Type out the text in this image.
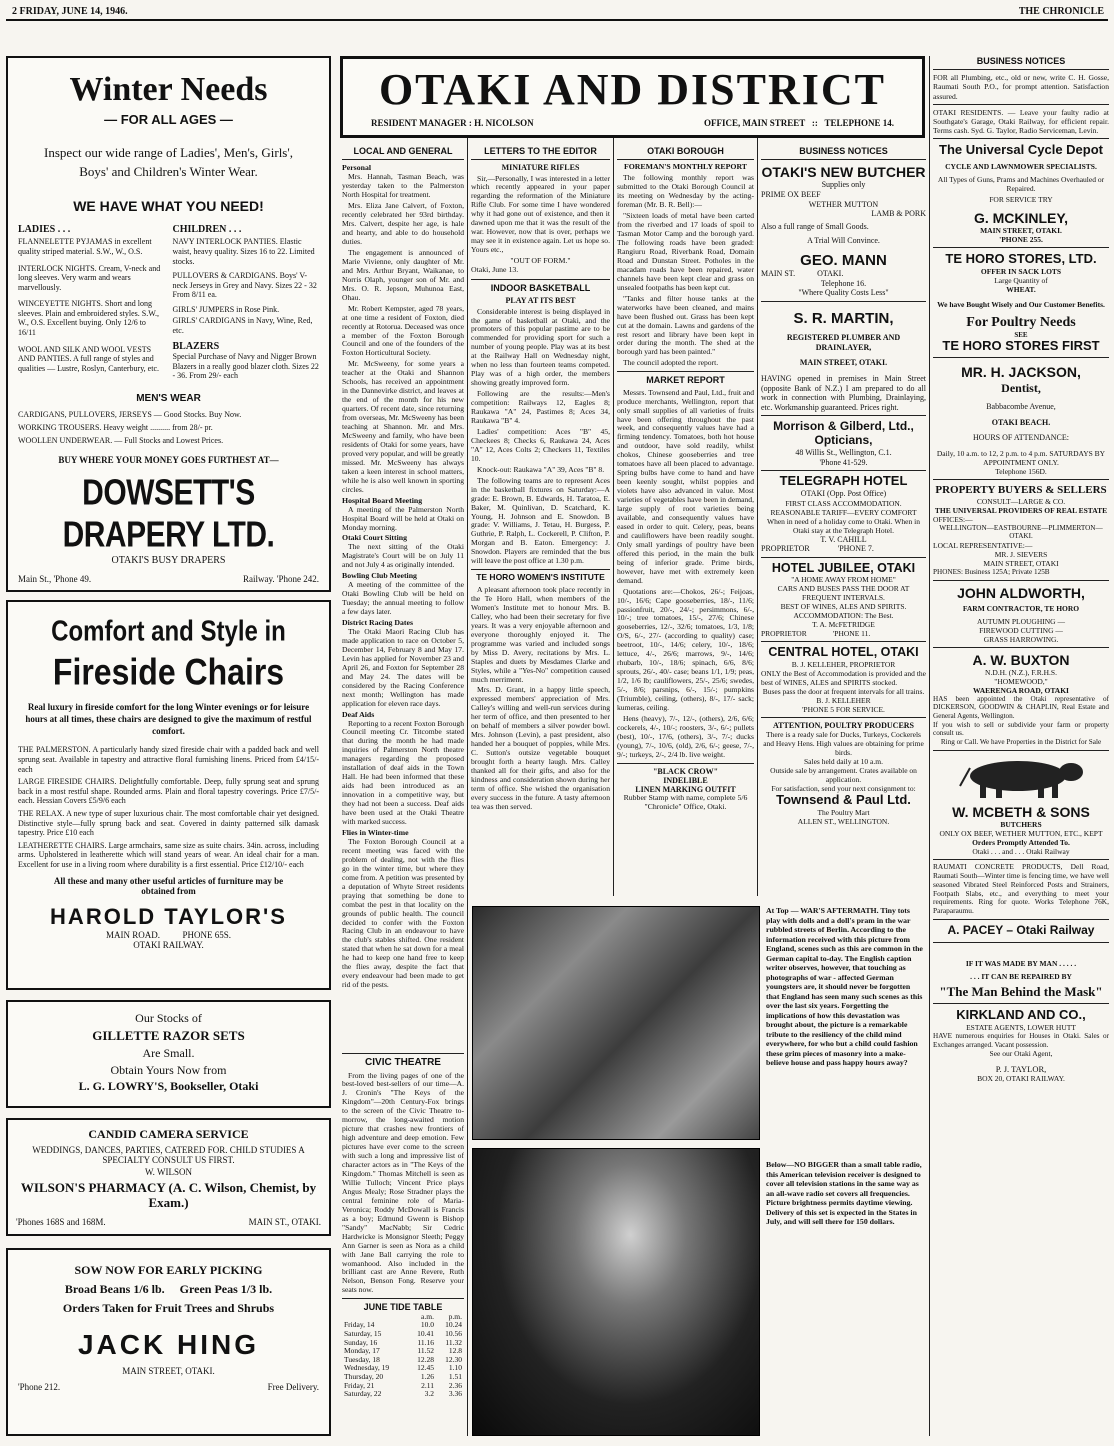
2 FRIDAY, JUNE 14, 1946.	THE CHRONICLE
Winter Needs
— FOR ALL AGES —
Inspect our wide range of Ladies', Men's, Girls', Boys' and Children's Winter Wear.
WE HAVE WHAT YOU NEED!
LADIES . . .
FLANNELETTE PYJAMAS in excellent quality striped material. S.W., W., O.S.
INTERLOCK NIGHTS. Cream, V-neck and long sleeves. Very warm and wears marvellously.
WINCEYETTE NIGHTS. Short and long sleeves. Plain and embroidered styles. S.W., W., O.S. Excellent buying. Only 12/6 to 16/11
WOOL AND SILK AND WOOL VESTS AND PANTIES. A full range of styles and qualities — Lustre, Roslyn, Canterbury, etc.
CHILDREN . . .
NAVY INTERLOCK PANTIES. Elastic waist, heavy quality. Sizes 16 to 22. Limited stocks.
PULLOVERS & CARDIGANS. Boys' V-neck Jerseys in Grey and Navy. Sizes 22 - 32 From 8/11 ea.
GIRLS' JUMPERS in Rose Pink.
GIRLS' CARDIGANS in Navy, Wine, Red, etc.
BLAZERS
Special Purchase of Navy and Nigger Brown Blazers in a really good blazer cloth. Sizes 22 - 36. From 29/- each
MEN'S WEAR
CARDIGANS, PULLOVERS, JERSEYS — Good Stocks. Buy Now.
WORKING TROUSERS. Heavy weight .......... from 28/- pr.
WOOLLEN UNDERWEAR. — Full Stocks and Lowest Prices.
BUY WHERE YOUR MONEY GOES FURTHEST AT—
DOWSETT'S DRAPERY LTD.
OTAKI'S BUSY DRAPERS
Main St., 'Phone 49.	Railway. 'Phone 242.
Comfort and Style in
Fireside Chairs
Real luxury in fireside comfort for the long Winter evenings or for leisure hours at all times, these chairs are designed to give the maximum of restful comfort.
THE PALMERSTON. A particularly handy sized fireside chair with a padded back and well sprung seat. Available in tapestry and attractive floral furnishing linens. Priced from £4/15/- each
LARGE FIRESIDE CHAIRS. Delightfully comfortable. Deep, fully sprung seat and sprung back in a most restful shape. Rounded arms. Plain and floral tapestry coverings. Price £7/5/- each. Hessian Covers £5/9/6 each
THE RELAX. A new type of super luxurious chair. The most comfortable chair yet designed. Distinctive style—fully sprung back and seat. Covered in dainty patterned silk damask tapestry. Price £10 each
LEATHERETTE CHAIRS. Large armchairs, same size as suite chairs. 34in. across, including arms. Upholstered in leatherette which will stand years of wear. An ideal chair for a man. Excellent for use in a living room where durability is a first essential. Price £12/10/- each
All these and many other useful articles of furniture may be obtained from
HAROLD TAYLOR'S
MAIN ROAD.          PHONE 65S.
OTAKI RAILWAY.
Our Stocks of
GILLETTE RAZOR SETS
Are Small.
Obtain Yours Now from
L. G. LOWRY'S, Bookseller, Otaki
CANDID CAMERA SERVICE
WEDDINGS, DANCES, PARTIES, CATERED FOR. CHILD STUDIES A SPECIALTY CONSULT US FIRST.
W. WILSON
WILSON'S PHARMACY (A. C. Wilson, Chemist, by Exam.)
'Phones 168S and 168M.	MAIN ST., OTAKI.
SOW NOW FOR EARLY PICKING
Broad Beans 1/6 lb.     Green Peas 1/3 lb.
Orders Taken for Fruit Trees and Shrubs
JACK HING
MAIN STREET, OTAKI.
'Phone 212.	Free Delivery.
OTAKI AND DISTRICT
RESIDENT MANAGER : H. NICOLSON	OFFICE, MAIN STREET   ::   TELEPHONE 14.
LOCAL AND GENERAL
Personal
Mrs. Hannah, Tasman Beach, was yesterday taken to the Palmerston North Hospital for treatment.
Mrs. Eliza Jane Calvert, of Foxton, recently celebrated her 93rd birthday. Mrs. Calvert, despite her age, is hale and hearty, and able to do household duties.
The engagement is announced of Marie Vivienne, only daughter of Mr. and Mrs. Arthur Bryant, Waikanae, to Norris Olaph, younger son of Mr. and Mrs. O. R. Jepson, Muhunoa East, Ohau.
Mr. Robert Kempster, aged 78 years, at one time a resident of Foxton, died recently at Rotorua. Deceased was once a member of the Foxton Borough Council and one of the founders of the Foxton Horticultural Society.
Mr. McSweeny, for some years a teacher at the Otaki and Shannon Schools, has received an appointment in the Dannevirke district, and leaves at the end of the month for his new quarters. Of recent date, since returning from overseas, Mr. McSweeny has been teaching at Shannon. Mr. and Mrs. McSweeny and family, who have been residents of Otaki for some years, have proved very popular, and will be greatly missed. Mr. McSweeny has always taken a keen interest in school matters, while he is also well known in sporting circles.
Hospital Board Meeting
A meeting of the Palmerston North Hospital Board will be held at Otaki on Monday morning.
Otaki Court Sitting
The next sitting of the Otaki Magistrate's Court will be on July 11 and not July 4 as originally intended.
Bowling Club Meeting
A meeting of the committee of the Otaki Bowling Club will be held on Tuesday; the annual meeting to follow a few days later.
District Racing Dates
The Otaki Maori Racing Club has made application to race on October 5, December 14, February 8 and May 17. Levin has applied for November 23 and April 26, and Foxton for September 28 and May 24. The dates will be considered by the Racing Conference next month; Wellington has made application for eleven race days.
Deaf Aids
Reporting to a recent Foxton Borough Council meeting Cr. Titcombe stated that during the month he had made inquiries of Palmerston North theatre managers regarding the proposed installation of deaf aids in the Town Hall. He had been informed that these aids had been introduced as an innovation in a competitive way, but they had not been a success. Deaf aids have been used at the Otaki Theatre with marked success.
Flies in Winter-time
The Foxton Borough Council at a recent meeting was faced with the problem of dealing, not with the flies go in the winter time, but where they come from. A petition was presented by a deputation of Whyte Street residents praying that something be done to combat the pest in that locality on the grounds of public health. The council decided to confer with the Foxton Racing Club in an endeavour to have the club's stables shifted. One resident stated that when he sat down for a meal he had to keep one hand free to keep the flies away, despite the fact that every endeavour had been made to get rid of the pests.
LETTERS TO THE EDITOR
MINIATURE RIFLES
Sir,—Personally, I was interested in a letter which recently appeared in your paper regarding the reformation of the Miniature Rifle Club. For some time I have wondered why it had gone out of existence, and then it dawned upon me that it was the result of the war. However, now that is over, perhaps we may see it in existence again. Let us hope so. Yours etc.,
"OUT OF FORM."
Otaki, June 13.
INDOOR BASKETBALL
PLAY AT ITS BEST
Considerable interest is being displayed in the game of basketball at Otaki, and the promoters of this popular pastime are to be commended for providing sport for such a number of young people. Play was at its best at the Railway Hall on Wednesday night, when no less than fourteen teams competed. Play was of a high order, the members showing greatly improved form.
Following are the results:—Men's competition: Railways 12, Eagles 8; Raukawa "A" 24, Pastimes 8; Aces 34, Raukawa "B" 4.
Ladies' competition: Aces "B" 45, Checkees 8; Checks 6, Raukawa 24, Aces "A" 12, Aces Colts 2; Checkers 11, Textiles 10.
Knock-out: Raukawa "A" 39, Aces "B" 8.
The following teams are to represent Aces in the basketball fixtures on Saturday:—A grade: E. Brown, B. Edwards, H. Taratoa, E. Baker, M. Quinlivan, D. Scatchard, K. Young, H. Johnson and E. Snowdon. B grade: V. Williams, J. Tetau, H. Burgess, P. Guthrie, P. Ralph, L. Cockerell, P. Clifton, P. Morgan and B. Eaton. Emergency: J. Snowdon. Players are reminded that the bus will leave the post office at 1.30 p.m.
TE HORO WOMEN'S INSTITUTE
A pleasant afternoon took place recently in the Te Horo Hall, when members of the Women's Institute met to honour Mrs. B. Calley, who had been their secretary for five years. It was a very enjoyable afternoon and everyone thoroughly enjoyed it. The programme was varied and included songs by Miss D. Avery, recitations by Mrs. L. Staples and duets by Mesdames Clarke and Styles, while a "Yes-No" competition caused much merriment.
Mrs. D. Grant, in a happy little speech, expressed members' appreciation of Mrs. Calley's willing and well-run services during her term of office, and then presented to her on behalf of members a silver powder bowl. Mrs. Johnson (Levin), a past president, also handed her a bouquet of poppies, while Mrs. C. Sutton's outsize vegetable bouquet brought forth a hearty laugh. Mrs. Calley thanked all for their gifts, and also for the kindness and consideration shown during her term of office. She wished the organisation every success in the future. A tasty afternoon tea was then served.
OTAKI BOROUGH
FOREMAN'S MONTHLY REPORT
The following monthly report was submitted to the Otaki Borough Council at its meeting on Wednesday by the acting-foreman (Mr. B. R. Bell):—
"Sixteen loads of metal have been carted from the riverbed and 17 loads of spoil to Tasman Motor Camp and the borough yard. The following roads have been graded: Rangiuru Road, Riverbank Road, Domain Road and Dunstan Street. Potholes in the macadam roads have been repaired, water channels have been kept clear and grass on unsealed footpaths has been kept cut.
"Tanks and filter house tanks at the waterworks have been cleaned, and mains have been flushed out. Grass has been kept cut at the domain. Lawns and gardens of the rest resort and library have been kept in order during the month. The shed at the borough yard has been painted."
The council adopted the report.
MARKET REPORT
Messrs. Townsend and Paul, Ltd., fruit and produce merchants, Wellington, report that only small supplies of all varieties of fruits have been offering throughout the past week, and consequently values have had a firming tendency. Tomatoes, both hot house and outdoor, have sold readily, whilst chokos, Chinese gooseberries and tree tomatoes have all been placed to advantage. Spring bulbs have come to hand and have been keenly sought, whilst poppies and violets have also advanced in value. Most varieties of vegetables have been in demand, large supply of root varieties being available, and consequently values have eased in order to quit. Celery, peas, beans and cauliflowers have been readily sought. Only small yardings of poultry have been offered this period, in the main the bulk being of inferior grade. Prime birds, however, have met with extremely keen demand.
Quotations are:—Chokos, 26/-; Feijoas, 10/-, 16/6; Cape gooseberries, 18/-, 11/6; passionfruit, 20/-, 24/-; persimmons, 6/-, 10/-; tree tomatoes, 15/-, 27/6; Chinese gooseberries, 12/-, 32/6; tomatoes, 1/3, 1/8; O/S, 6/-, 27/- (according to quality) case; beetroot, 10/-, 14/6; celery, 10/-, 18/6; lettuce, 4/-, 26/6; marrows, 9/-, 14/6; rhubarb, 10/-, 18/6; spinach, 6/6, 8/6; sprouts, 26/-, 40/- case; beans 1/1, 1/9; peas, 1/2, 1/6 lb; cauliflowers, 25/-, 25/6; swedes, 5/-, 8/6; parsnips, 6/-, 15/-; pumpkins (Triumble), ceiling, (others), 8/-, 17/- sack; kumeras, ceiling.
Hens (heavy), 7/-, 12/-, (others), 2/6, 6/6; cockerels, 4/-, 10/-; roosters, 3/-, 6/-; pullets (best), 10/-, 17/6, (others), 3/-, 7/-; ducks (young), 7/-, 10/6, (old), 2/6, 6/-; geese, 7/-, 9/-; turkeys, 2/-, 2/4 lb. live weight.
"BLACK CROW"
INDELIBLE
LINEN MARKING OUTFIT
Rubber Stamp with name, complete 5/6
"Chronicle" Office, Otaki.
BUSINESS NOTICES
OTAKI'S NEW BUTCHER
Supplies only
PRIME OX BEEF
WETHER MUTTON
LAMB & PORK
Also a full range of Small Goods.
A Trial Will Convince.
GEO. MANN
MAIN ST.           OTAKI.
Telephone 16.
"Where Quality Costs Less"
S. R. MARTIN,
REGISTERED PLUMBER AND DRAINLAYER,
MAIN STREET, OTAKI.
HAVING opened in premises in Main Street (opposite Bank of N.Z.) I am prepared to do all work in connection with Plumbing, Drainlaying, etc. Workmanship guaranteed. Prices right.
Morrison & Gilberd, Ltd., Opticians,
48 Willis St., Wellington, C.1.
'Phone 41-529.
TELEGRAPH HOTEL
OTAKI (Opp. Post Office)
FIRST CLASS ACCOMMODATION. REASONABLE TARIFF—EVERY COMFORT
When in need of a holiday come to Otaki. When in Otaki stay at the Telegraph Hotel.
T. V. CAHILL
PROPRIETOR              'PHONE 7.
HOTEL JUBILEE, OTAKI
"A HOME AWAY FROM HOME"
CARS AND BUSES PASS THE DOOR AT FREQUENT INTERVALS.
BEST OF WINES, ALES AND SPIRITS.
ACCOMMODATION: The Best.
T. A. McFETRIDGE
PROPRIETOR              'PHONE 11.
CENTRAL HOTEL, OTAKI
B. J. KELLEHER, PROPRIETOR
ONLY the Best of Accommodation is provided and the best of WINES, ALES and SPIRITS stocked.
Buses pass the door at frequent intervals for all trains.
B. J. KELLEHER
'PHONE 5 FOR SERVICE.
ATTENTION, POULTRY PRODUCERS
There is a ready sale for Ducks, Turkeys, Cockerels and Heavy Hens. High values are obtaining for prime birds.
Sales held daily at 10 a.m.
Outside sale by arrangement. Crates available on application.
For satisfaction, send your next consignment to:
Townsend & Paul Ltd.
The Poultry Mart
ALLEN ST., WELLINGTON.
CIVIC THEATRE
From the living pages of one of the best-loved best-sellers of our time—A. J. Cronin's "The Keys of the Kingdom"—20th Century-Fox brings to the screen of the Civic Theatre to-morrow, the long-awaited motion picture that crashes new frontiers of high adventure and deep emotion. Few pictures have ever come to the screen with such a long and impressive list of character actors as in "The Keys of the Kingdom." Thomas Mitchell is seen as Willie Tulloch; Vincent Price plays Angus Mealy; Rose Stradner plays the central feminine role of Maria-Veronica; Roddy McDowall is Francis as a boy; Edmund Gwenn is Bishop "Sandy" MacNabb; Sir Cedric Hardwicke is Monsignor Sleeth; Peggy Ann Garner is seen as Nora as a child with Jane Ball carrying the role to womanhood. Also included in the brilliant cast are Anne Revere, Ruth Nelson, Benson Fong. Reserve your seats now.
JUNE TIDE TABLE
	a.m.	p.m.
Friday, 14	10.0	10.24
Saturday, 15	10.41	10.56
Sunday, 16	11.16	11.32
Monday, 17	11.52	12.8
Tuesday, 18	12.28	12.30
Wednesday, 19	12.45	1.10
Thursday, 20	1.26	1.51
Friday, 21	2.11	2.36
Saturday, 22	3.2	3.36
At Top — WAR'S AFTERMATH. Tiny tots play with dolls and a doll's pram in the war rubbled streets of Berlin. According to the information received with this picture from England, scenes such as this are common in the German capital to-day. The English caption writer observes, however, that touching as photographs of war - affected German youngsters are, it should never be forgotten that England has seen many such scenes as this over the last six years. Forgetting the implications of how this devastation was brought about, the picture is a remarkable tribute to the resiliency of the child mind everywhere, for who but a child could fashion these grim pieces of masonry into a make-believe house and pass happy hours away?
Below—NO BIGGER than a small table radio, this American television receiver is designed to cover all television stations in the same way as an all-wave radio set covers all frequencies. Picture brightness permits daytime viewing. Delivery of this set is expected in the States in July, and will sell there for 150 dollars.
BUSINESS NOTICES
FOR all Plumbing, etc., old or new, write C. H. Gosse, Raumati South P.O., for prompt attention. Satisfaction assured.
OTAKI RESIDENTS. — Leave your faulty radio at Southgate's Garage, Otaki Railway, for efficient repair. Terms cash. Syd. G. Taylor, Radio Serviceman, Levin.
The Universal Cycle Depot
CYCLE AND LAWNMOWER SPECIALISTS.
All Types of Guns, Prams and Machines Overhauled or Repaired.
FOR SERVICE TRY
G. MCKINLEY,
MAIN STREET, OTAKI.
'PHONE 255.
TE HORO STORES, LTD.
OFFER IN SACK LOTS
Large Quantity of
WHEAT.
We have Bought Wisely and Our Customer Benefits.
For Poultry Needs
SEE
TE HORO STORES FIRST
MR. H. JACKSON,
Dentist,
Babbacombe Avenue,
OTAKI BEACH.
HOURS OF ATTENDANCE:
Daily, 10 a.m. to 12, 2 p.m. to 4 p.m. SATURDAYS BY APPOINTMENT ONLY.
Telephone 156D.
PROPERTY BUYERS & SELLERS
CONSULT—LARGE & CO.
THE UNIVERSAL PROVIDERS OF REAL ESTATE
OFFICES:—
WELLINGTON—EASTBOURNE—PLIMMERTON—OTAKI.
LOCAL REPRESENTATIVE:—
MR. J. SIEVERS
MAIN STREET, OTAKI
PHONES: Business 125A; Private 125B
JOHN ALDWORTH,
FARM CONTRACTOR, TE HORO
AUTUMN PLOUGHING —
FIREWOOD CUTTING —
GRASS HARROWING.
A. W. BUXTON
N.D.H. (N.Z.), F.R.H.S.
"HOMEWOOD,"
WAERENGA ROAD, OTAKI
HAS been appointed the Otaki representative of DICKERSON, GOODWIN & CHAPLIN, Real Estate and General Agents, Wellington.
If you wish to sell or subdivide your farm or property consult us.
Ring or Call. We have Properties in the District for Sale
W. MCBETH & SONS
BUTCHERS
ONLY OX BEEF, WETHER MUTTON, ETC., KEPT
Orders Promptly Attended To.
Otaki . . . and . . . Otaki Railway
RAUMATI CONCRETE PRODUCTS, Dell Road, Raumati South—Winter time is fencing time, we have well seasoned Vibrated Steel Reinforced Posts and Strainers, Footpath Slabs, etc., and everything to meet your requirements. Ring for quote. Works Telephone 76K, Paraparaumu.
A. PACEY – Otaki Railway
IF IT WAS MADE BY MAN . . . . .
. . . IT CAN BE REPAIRED BY
"The Man Behind the Mask"
KIRKLAND AND CO.,
ESTATE AGENTS, LOWER HUTT
HAVE numerous enquiries for Houses in Otaki. Sales or Exchanges arranged. Vacant possession.
See our Otaki Agent,
P. J. TAYLOR,
BOX 20, OTAKI RAILWAY.
